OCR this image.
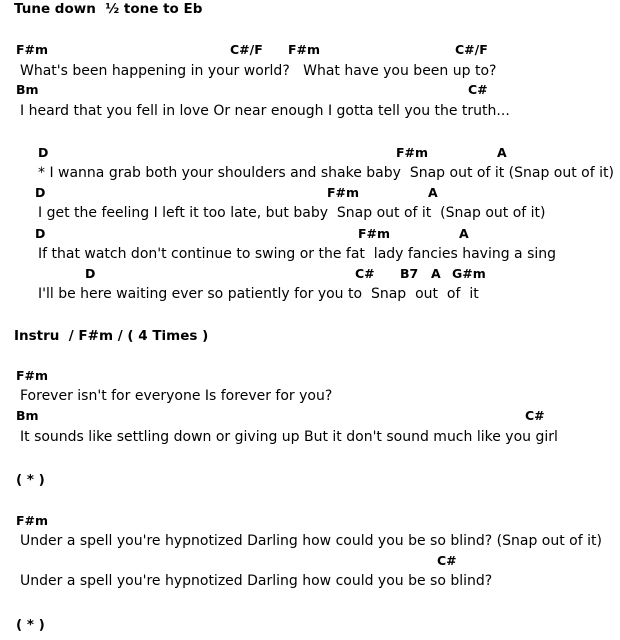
Tune down  ½ tone to Eb
F#m	C#/F F#m	C#/F
What's been happening in your world?   What have you been up to?
Bm	C#
I heard that you fell in love Or near enough I gotta tell you the truth...
D	F#m	A
* I wanna grab both your shoulders and shake baby  Snap out of it (Snap out of it)
D	F#m	A
I get the feeling I left it too late, but baby  Snap out of it  (Snap out of it)
D	F#m	A
If that watch don't continue to swing or the fat  lady fancies having a sing
D	C# B7 A G#m
I'll be here waiting ever so patiently for you to  Snap  out  of  it
Instru  / F#m / ( 4 Times )
F#m
Forever isn't for everyone Is forever for you?
Bm	C#
It sounds like settling down or giving up But it don't sound much like you girl
( * )
F#m
Under a spell you're hypnotized Darling how could you be so blind? (Snap out of it)
C#
Under a spell you're hypnotized Darling how could you be so blind?
( * )
